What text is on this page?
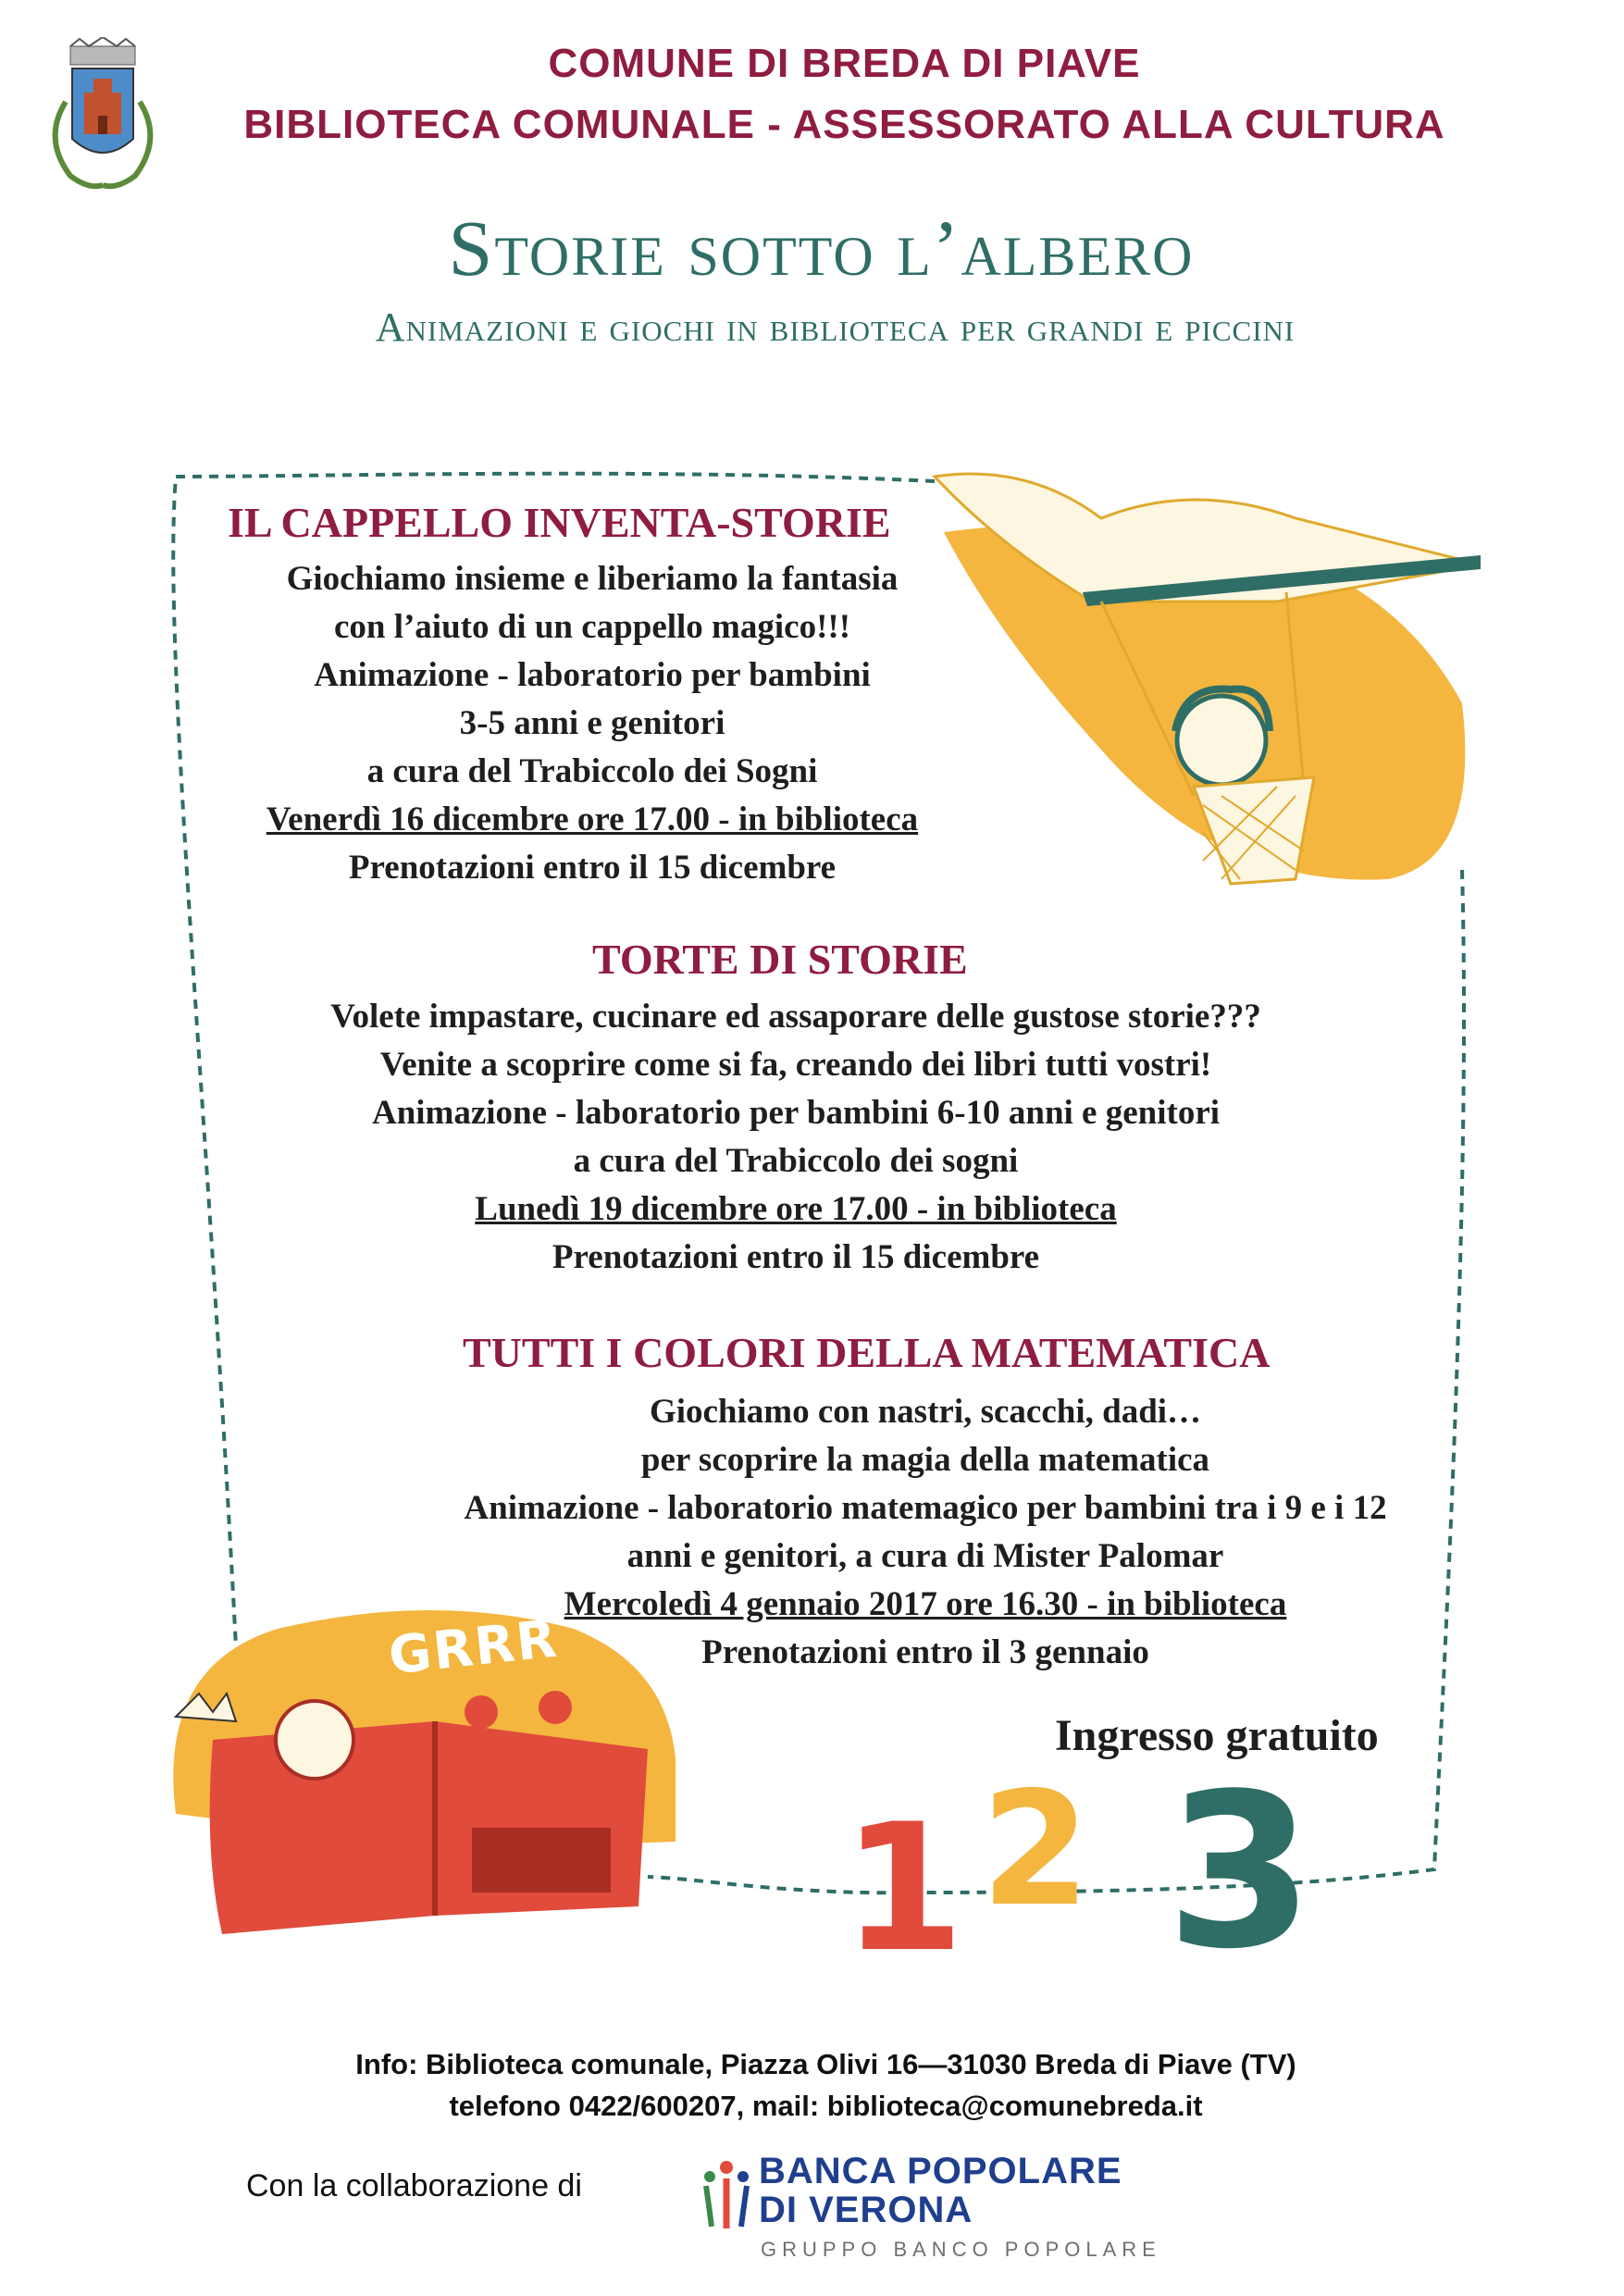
COMUNE DI BREDA DI PIAVE
BIBLIOTECA COMUNALE - ASSESSORATO ALLA CULTURA
Storie sotto l’albero
Animazioni e giochi in biblioteca per grandi e piccini
GRRR
1 2 3
IL CAPPELLO INVENTA-STORIE
Giochiamo insieme e liberiamo la fantasia
con l’aiuto di un cappello magico!!!
Animazione - laboratorio per bambini
3-5 anni e genitori
a cura del Trabiccolo dei Sogni
Venerdì 16 dicembre ore 17.00 - in biblioteca
Prenotazioni entro il 15 dicembre
TORTE DI STORIE
Volete impastare, cucinare ed assaporare delle gustose storie???
Venite a scoprire come si fa, creando dei libri tutti vostri!
Animazione - laboratorio per bambini 6-10 anni e genitori
a cura del Trabiccolo dei sogni
Lunedì 19 dicembre ore 17.00 - in biblioteca
Prenotazioni entro il 15 dicembre
TUTTI I COLORI DELLA MATEMATICA
Giochiamo con nastri, scacchi, dadi…
per scoprire la magia della matematica
Animazione - laboratorio matemagico per bambini tra i 9 e i 12
anni e genitori, a cura di Mister Palomar
Mercoledì 4 gennaio 2017 ore 16.30 - in biblioteca
Prenotazioni entro il 3 gennaio
Ingresso gratuito
Info: Biblioteca comunale, Piazza Olivi 16—31030 Breda di Piave (TV)
telefono 0422/600207, mail: biblioteca@comunebreda.it
Con la collaborazione di	BANCA POPOLARE
DI VERONA
GRUPPO BANCO POPOLARE
